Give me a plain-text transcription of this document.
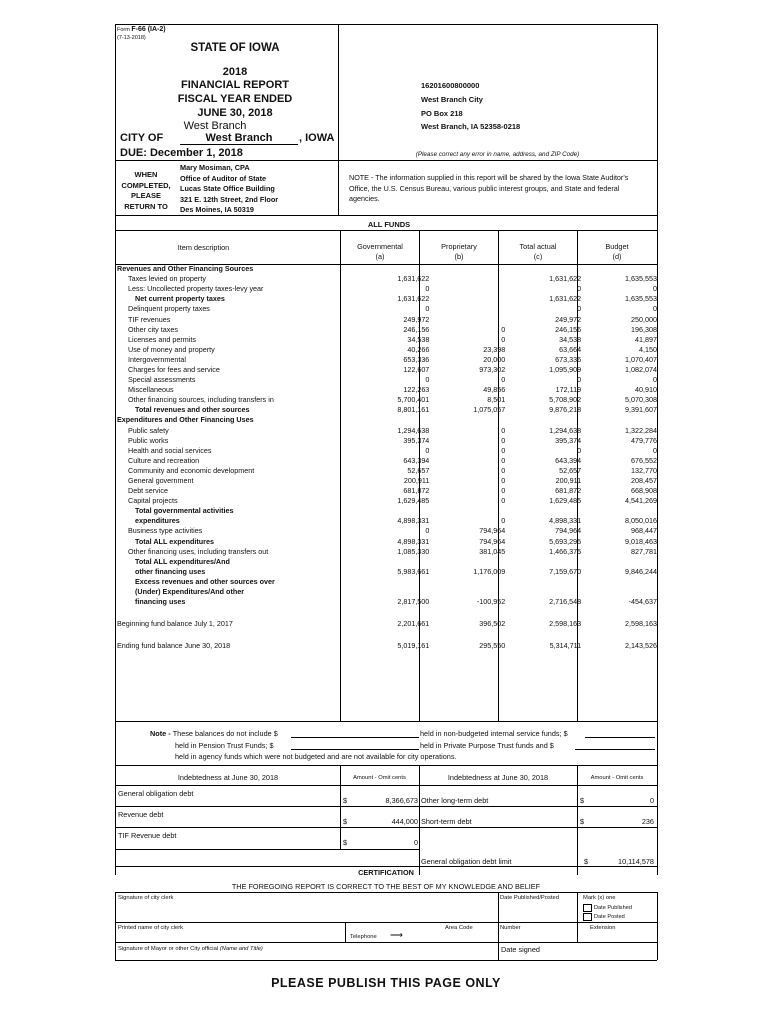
Form F-66 (IA-2)
(7-13-2018)
STATE OF IOWA
2018
FINANCIAL REPORT
FISCAL YEAR ENDED
JUNE 30, 2018
West Branch
CITY OF	West Branch	, IOWA
DUE: December 1, 2018
16201600800000
West Branch City
PO Box 218
West Branch, IA 52358-0218
(Please correct any error in name, address, and ZIP Code)
WHEN
COMPLETED,
PLEASE
RETURN TO
Mary Mosiman, CPA
Office of Auditor of State
Lucas State Office Building
321 E. 12th Street, 2nd Floor
Des Moines, IA 50319
NOTE - The information supplied in this report will be shared by the Iowa State Auditor's Office, the U.S. Census Bureau, various public interest groups, and State and federal agencies.
ALL FUNDS
Item description	Governmental
(a)
Proprietary
(b)
Total actual
(c)
Budget
(d)
Revenues and Other Financing Sources				
Taxes levied on property	1,631,622		1,631,622	1,635,553
Less: Uncollected property taxes-levy year	0		0	0
Net current property taxes	1,631,622		1,631,622	1,635,553
Delinquent property taxes	0		0	0
TIF revenues	249,972		249,972	250,000
Other city taxes	246,156	0	246,156	196,308
Licenses and permits	34,538	0	34,538	41,897
Use of money and property	40,266	23,398	63,664	4,150
Intergovernmental	653,336	20,000	673,336	1,070,407
Charges for fees and service	122,607	973,302	1,095,909	1,082,074
Special assessments	0	0	0	0
Miscellaneous	122,263	49,856	172,119	40,910
Other financing sources, including transfers in	5,700,401	8,501	5,708,902	5,070,308
Total revenues and other sources	8,801,161	1,075,057	9,876,218	9,391,607
Expenditures and Other Financing Uses				
Public safety	1,294,638	0	1,294,638	1,322,284
Public works	395,374	0	395,374	479,776
Health and social services	0	0	0	0
Culture and recreation	643,394	0	643,394	676,552
Community and economic development	52,657	0	52,657	132,770
General government	200,911	0	200,911	208,457
Debt service	681,872	0	681,872	668,908
Capital projects	1,629,485	0	1,629,485	4,541,269
Total governmental activities				
expenditures	4,898,331	0	4,898,331	8,050,016
Business type activities	0	794,964	794,964	968,447
Total ALL expenditures	4,898,331	794,964	5,693,295	9,018,463
Other financing uses, including transfers out	1,085,330	381,045	1,466,375	827,781
Total ALL expenditures/And				
other financing uses	5,983,661	1,176,009	7,159,670	9,846,244
Excess revenues and other sources over				
(Under) Expenditures/And other				
financing uses	2,817,500	-100,952	2,716,548	-454,637

Beginning fund balance July 1, 2017	2,201,661	396,502	2,598,163	2,598,163

Ending fund balance June 30, 2018	5,019,161	295,550	5,314,711	2,143,526
Note - These balances do not include $	held in non-budgeted internal service funds; $
held in Pension Trust Funds; $	held in Private Purpose Trust funds and $
held in agency funds which were not budgeted and are not available for city operations.
Indebtedness at June 30, 2018	Amount - Omit cents	Indebtedness at June 30, 2018	Amount - Omit cents
General obligation debt
$	8,366,673 Other long-term debt	$	0
Revenue debt
$	444,000 Short-term debt	$	236
TIF Revenue debt
$	0
General obligation debt limit	$	10,114,578
CERTIFICATION
THE FOREGOING REPORT IS CORRECT TO THE BEST OF MY KNOWLEDGE AND BELIEF
Signature of city clerk	Date Published/Posted	Mark (x) one
Date Published
Date Posted
Printed name of city clerk	Area Code	Number	Extension
Telephone ⟶
Signature of Mayor or other City official (Name and Title)	Date signed
PLEASE PUBLISH THIS PAGE ONLY
